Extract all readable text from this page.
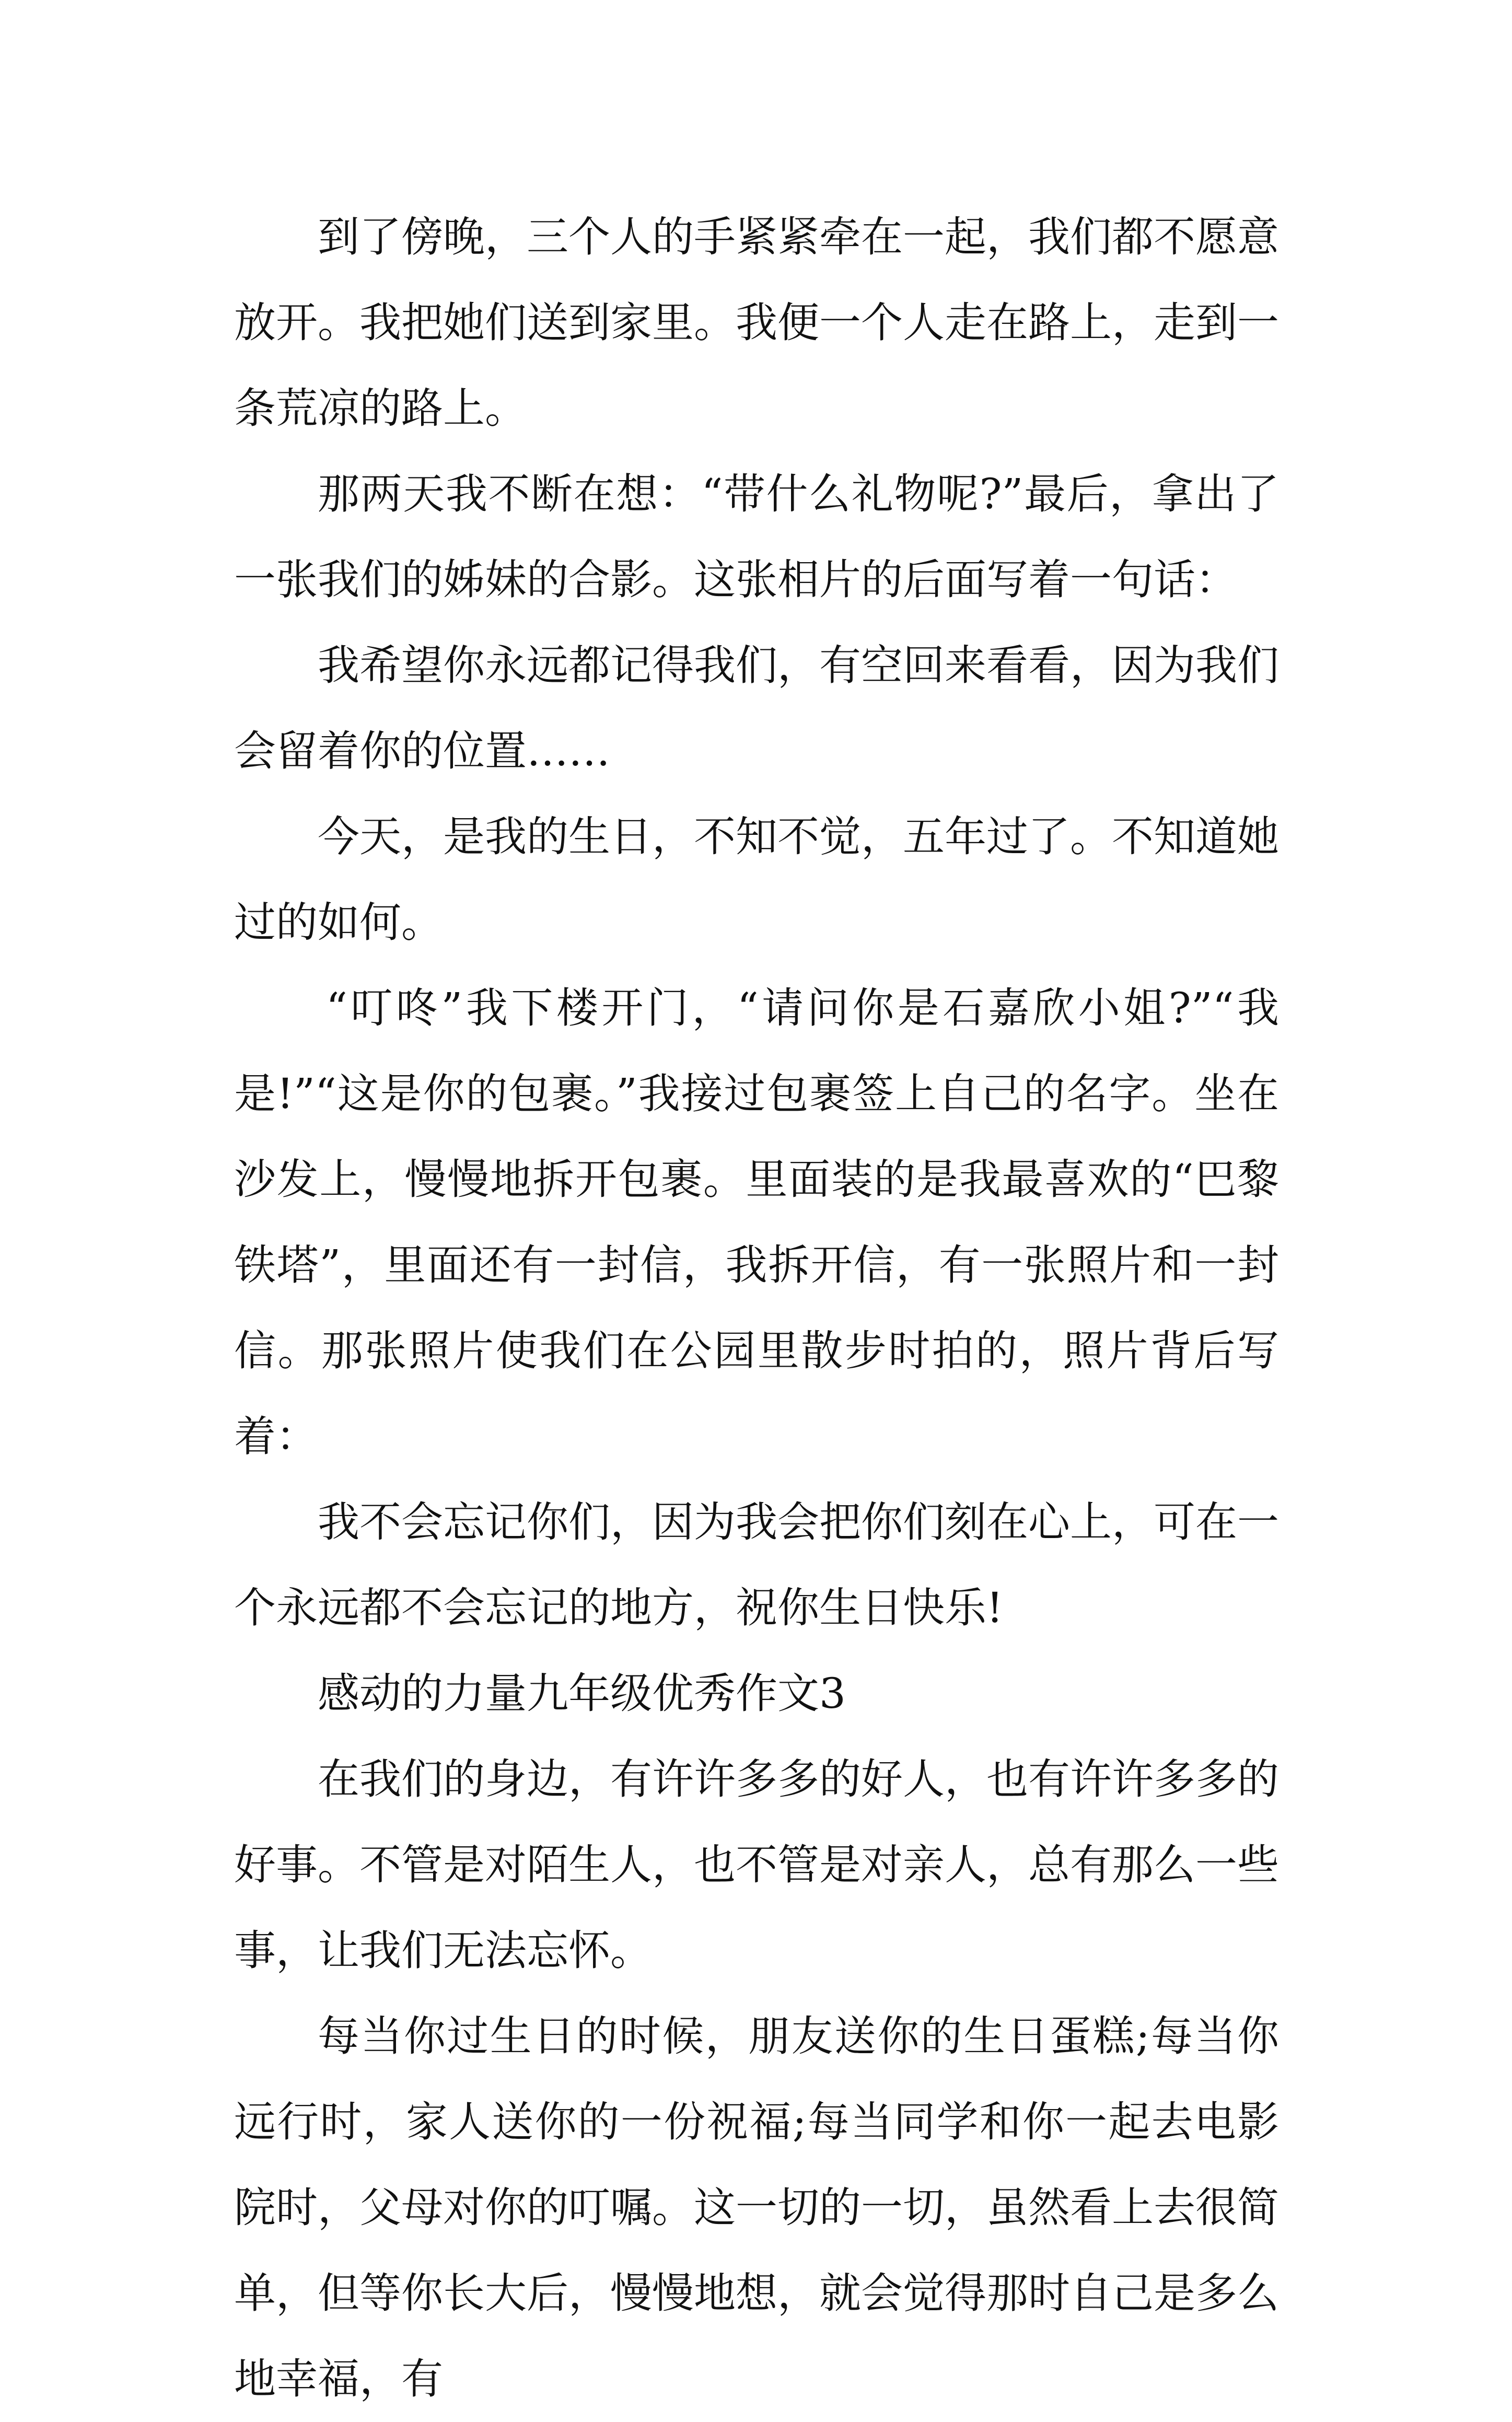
到了傍晚，三个人的手紧紧牵在一起，我们都不愿意放开。我把她们送到家里。我便一个人走在路上，走到一条荒凉的路上。

那两天我不断在想：“带什么礼物呢?”最后，拿出了一张我们的姊妹的合影。这张相片的后面写着一句话：

我希望你永远都记得我们，有空回来看看，因为我们会留着你的位置……

今天，是我的生日，不知不觉，五年过了。不知道她过的如何。

“叮咚”我下楼开门，“请问你是石嘉欣小姐?”“我是!”“这是你的包裹。”我接过包裹签上自己的名字。坐在沙发上，慢慢地拆开包裹。里面装的是我最喜欢的“巴黎铁塔”，里面还有一封信，我拆开信，有一张照片和一封信。那张照片使我们在公园里散步时拍的，照片背后写着：

我不会忘记你们，因为我会把你们刻在心上，可在一个永远都不会忘记的地方，祝你生日快乐!

感动的力量九年级优秀作文3

在我们的身边，有许许多多的好人，也有许许多多的好事。不管是对陌生人，也不管是对亲人，总有那么一些事，让我们无法忘怀。

每当你过生日的时候，朋友送你的生日蛋糕;每当你远行时，家人送你的一份祝福;每当同学和你一起去电影院时，父母对你的叮嘱。这一切的一切，虽然看上去很简单，但等你长大后，慢慢地想，就会觉得那时自己是多么地幸福，有
